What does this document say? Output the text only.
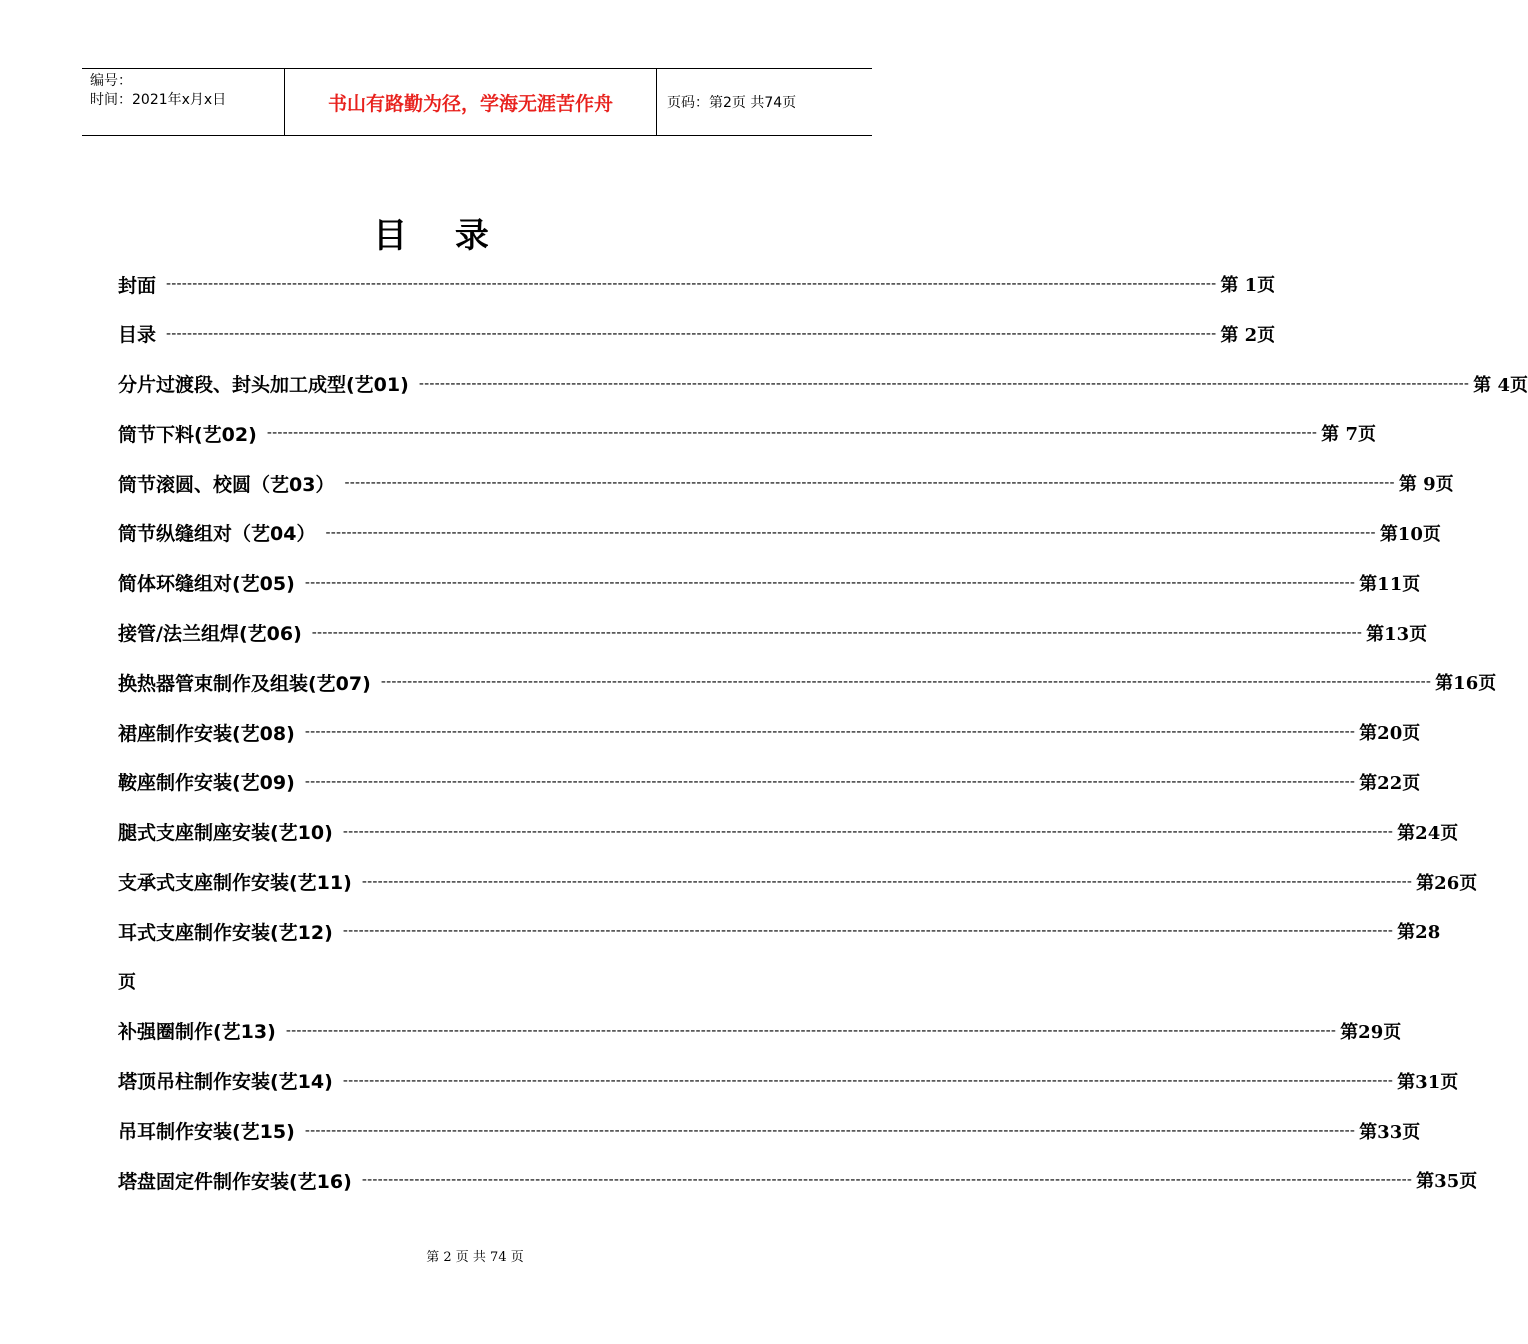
编号：
时间：2021年x月x日	书山有路勤为径，学海无涯苦作舟	页码：第2页 共74页
目 录
封面 -------------------------------------------------------------------------------------------------------------------------------------------------------------------------------------------------------- 第 1页
目录 -------------------------------------------------------------------------------------------------------------------------------------------------------------------------------------------------------- 第 2页
分片过渡段、封头加工成型(艺01) -------------------------------------------------------------------------------------------------------------------------------------------------------------------------------------------------------- 第 4页
筒节下料(艺02) -------------------------------------------------------------------------------------------------------------------------------------------------------------------------------------------------------- 第 7页
筒节滚圆、校圆（艺03） -------------------------------------------------------------------------------------------------------------------------------------------------------------------------------------------------------- 第 9页
筒节纵缝组对（艺04） -------------------------------------------------------------------------------------------------------------------------------------------------------------------------------------------------------- 第10页
简体环缝组对(艺05) -------------------------------------------------------------------------------------------------------------------------------------------------------------------------------------------------------- 第11页
接管/法兰组焊(艺06) -------------------------------------------------------------------------------------------------------------------------------------------------------------------------------------------------------- 第13页
换热器管束制作及组装(艺07) -------------------------------------------------------------------------------------------------------------------------------------------------------------------------------------------------------- 第16页
裙座制作安装(艺08) -------------------------------------------------------------------------------------------------------------------------------------------------------------------------------------------------------- 第20页
鞍座制作安装(艺09) -------------------------------------------------------------------------------------------------------------------------------------------------------------------------------------------------------- 第22页
腿式支座制座安装(艺10) -------------------------------------------------------------------------------------------------------------------------------------------------------------------------------------------------------- 第24页
支承式支座制作安装(艺11) -------------------------------------------------------------------------------------------------------------------------------------------------------------------------------------------------------- 第26页
耳式支座制作安装(艺12) -------------------------------------------------------------------------------------------------------------------------------------------------------------------------------------------------------- 第28
页
补强圈制作(艺13) -------------------------------------------------------------------------------------------------------------------------------------------------------------------------------------------------------- 第29页
塔顶吊柱制作安装(艺14) -------------------------------------------------------------------------------------------------------------------------------------------------------------------------------------------------------- 第31页
吊耳制作安装(艺15) -------------------------------------------------------------------------------------------------------------------------------------------------------------------------------------------------------- 第33页
塔盘固定件制作安装(艺16) -------------------------------------------------------------------------------------------------------------------------------------------------------------------------------------------------------- 第35页
第 2 页 共 74 页
